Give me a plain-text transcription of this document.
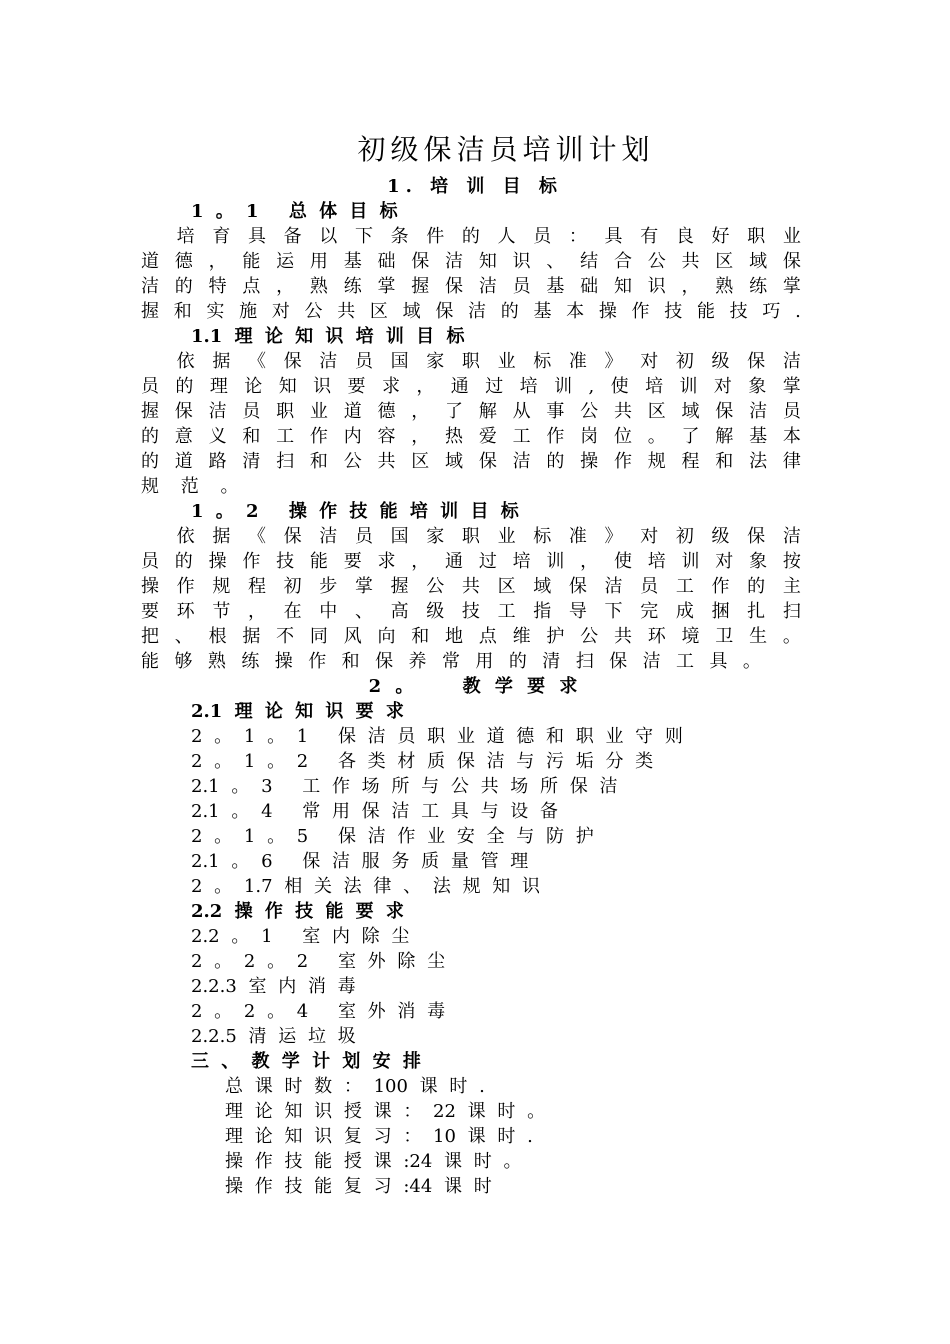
初级保洁员培训计划
1. 培 训 目 标
1 。 1　 总 体 目 标

培 育 具 备 以 下 条 件 的 人 员 ： 具 有 良 好 职 业
道 德 ， 能 运 用 基 础 保 洁 知 识 、 结 合 公 共 区 域 保
洁 的 特 点 ， 熟 练 掌 握 保 洁 员 基 础 知 识 ， 熟 练 掌
握 和 实 施 对 公 共 区 域 保 洁 的 基 本 操 作 技 能 技 巧 .
1.1 理 论 知 识 培 训 目 标

依 据 《 保 洁 员 国 家 职 业 标 准 》 对 初 级 保 洁
员 的 理 论 知 识 要 求 ， 通 过 培 训 , 使 培 训 对 象 掌
握 保 洁 员 职 业 道 德 ， 了 解 从 事 公 共 区 域 保 洁 员
的 意 义 和 工 作 内 容 ， 热 爱 工 作 岗 位 。 了 解 基 本
的 道 路 清 扫 和 公 共 区 域 保 洁 的 操 作 规 程 和 法 律
规 范 。
1 。 2　 操 作 技 能 培 训 目 标

依 据 《 保 洁 员 国 家 职 业 标 准 》 对 初 级 保 洁
员 的 操 作 技 能 要 求 ， 通 过 培 训 ， 使 培 训 对 象 按
操 作 规 程 初 步 掌 握 公 共 区 域 保 洁 员 工 作 的 主
要 环 节 ， 在 中 、 高 级 技 工 指 导 下 完 成 捆 扎 扫
把 、 根 据 不 同 风 向 和 地 点 维 护 公 共 环 境 卫 生 。
能 够 熟 练 操 作 和 保 养 常 用 的 清 扫 保 洁 工 具 。
2 。　　 教 学 要 求
2.1 理 论 知 识 要 求
2 。 1 。 1　 保 洁 员 职 业 道 德 和 职 业 守 则
2 。 1 。 2　 各 类 材 质 保 洁 与 污 垢 分 类
2.1 。 3　 工 作 场 所 与 公 共 场 所 保 洁
2.1 。 4　 常 用 保 洁 工 具 与 设 备
2 。 1 。 5　 保 洁 作 业 安 全 与 防 护
2.1 。 6　 保 洁 服 务 质 量 管 理
2 。 1.7 相 关 法 律 、 法 规 知 识
2.2 操 作 技 能 要 求
2.2 。 1　 室 内 除 尘
2 。 2 。 2　 室 外 除 尘
2.2.3 室 内 消 毒
2 。 2 。 4　 室 外 消 毒
2.2.5 清 运 垃 圾
三 、 教 学 计 划 安 排
总 课 时 数 ： 100 课 时 .
理 论 知 识 授 课 ： 22 课 时 。
理 论 知 识 复 习 ： 10 课 时 .
操 作 技 能 授 课 :24 课 时 。
操 作 技 能 复 习 :44 课 时
